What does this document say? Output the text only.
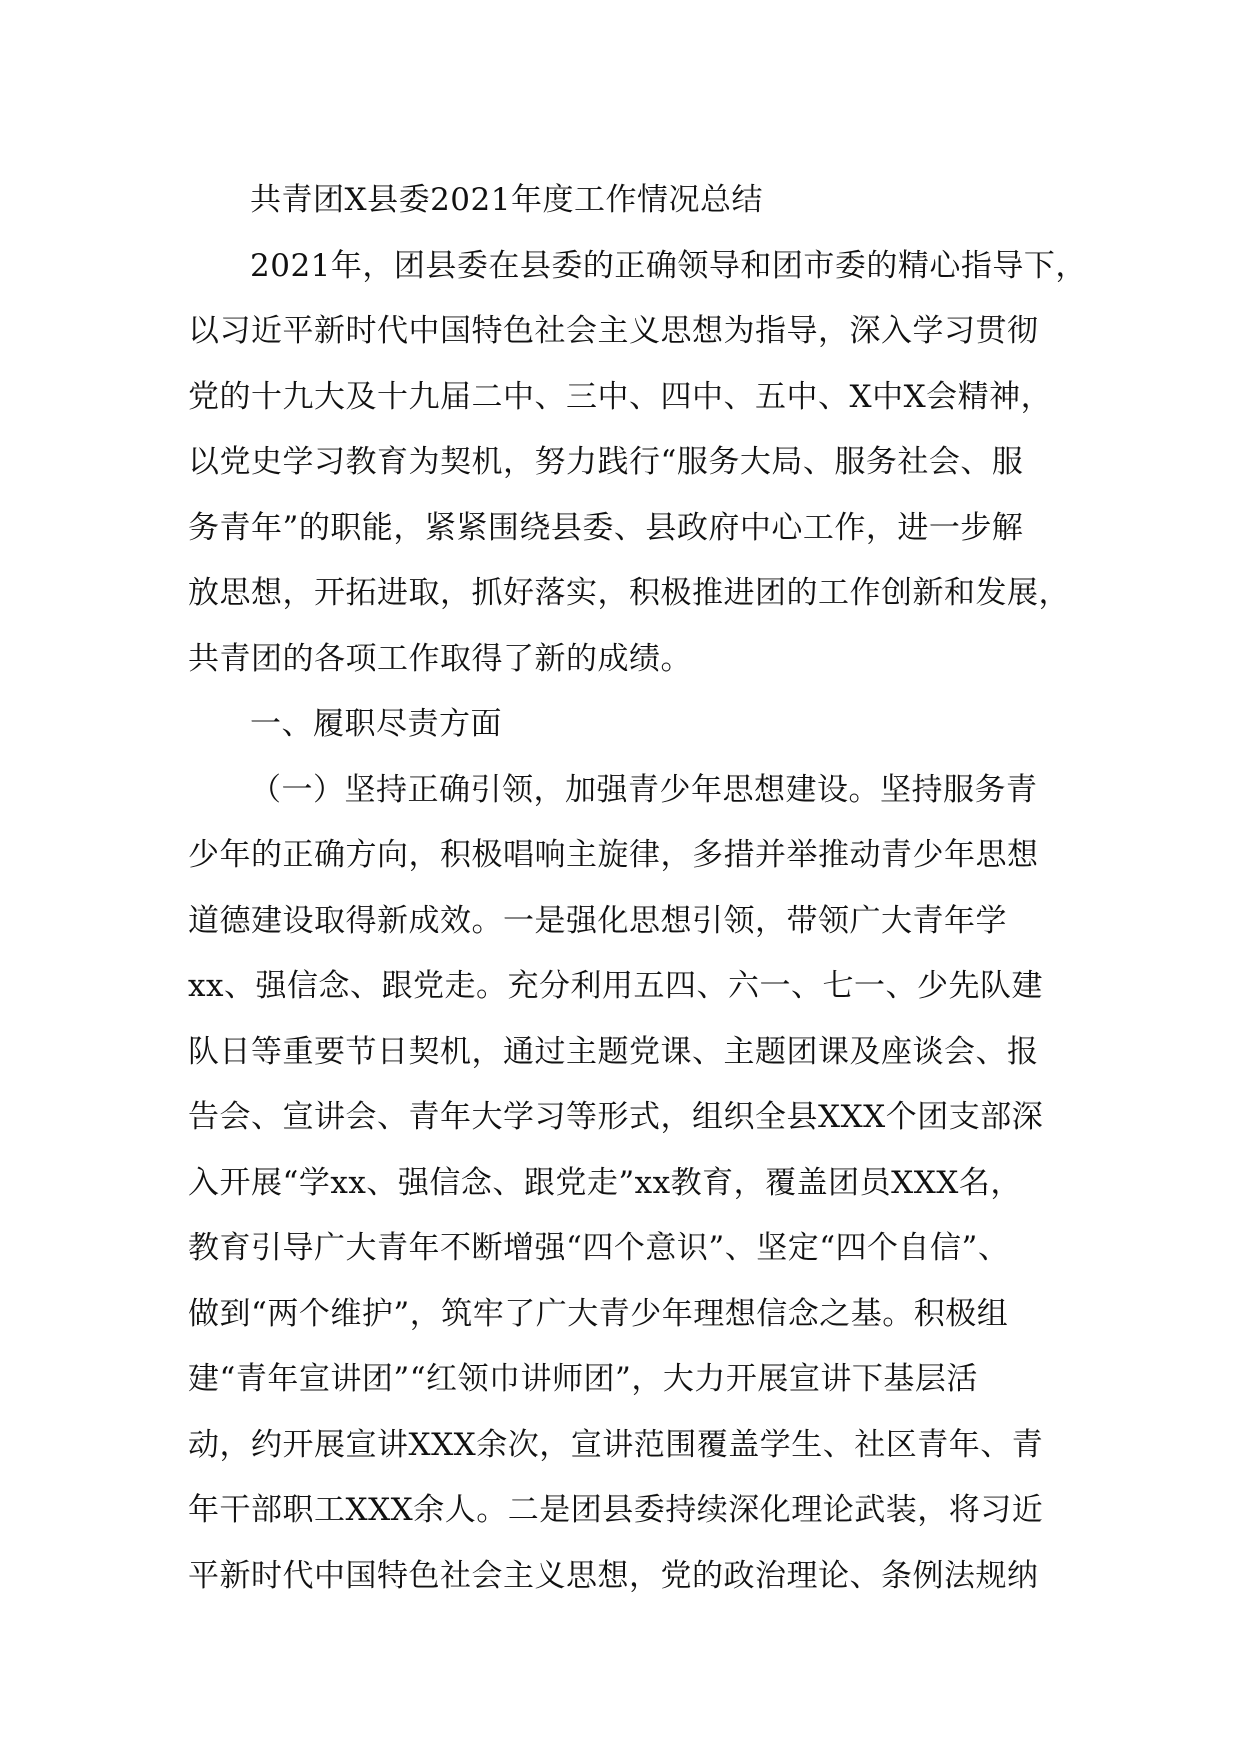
共青团X县委2021年度工作情况总结
2021年，团县委在县委的正确领导和团市委的精心指导下，
以习近平新时代中国特色社会主义思想为指导，深入学习贯彻
党的十九大及十九届二中、三中、四中、五中、X中X会精神，
以党史学习教育为契机，努力践行“服务大局、服务社会、服
务青年”的职能，紧紧围绕县委、县政府中心工作，进一步解
放思想，开拓进取，抓好落实，积极推进团的工作创新和发展，
共青团的各项工作取得了新的成绩。
一、履职尽责方面
（一）坚持正确引领，加强青少年思想建设。坚持服务青
少年的正确方向，积极唱响主旋律，多措并举推动青少年思想
道德建设取得新成效。一是强化思想引领，带领广大青年学
xx、强信念、跟党走。充分利用五四、六一、七一、少先队建
队日等重要节日契机，通过主题党课、主题团课及座谈会、报
告会、宣讲会、青年大学习等形式，组织全县XXX个团支部深
入开展“学xx、强信念、跟党走”xx教育，覆盖团员XXX名，
教育引导广大青年不断增强“四个意识”、坚定“四个自信”、
做到“两个维护”，筑牢了广大青少年理想信念之基。积极组
建“青年宣讲团”“红领巾讲师团”，大力开展宣讲下基层活
动，约开展宣讲XXX余次，宣讲范围覆盖学生、社区青年、青
年干部职工XXX余人。二是团县委持续深化理论武装，将习近
平新时代中国特色社会主义思想，党的政治理论、条例法规纳
